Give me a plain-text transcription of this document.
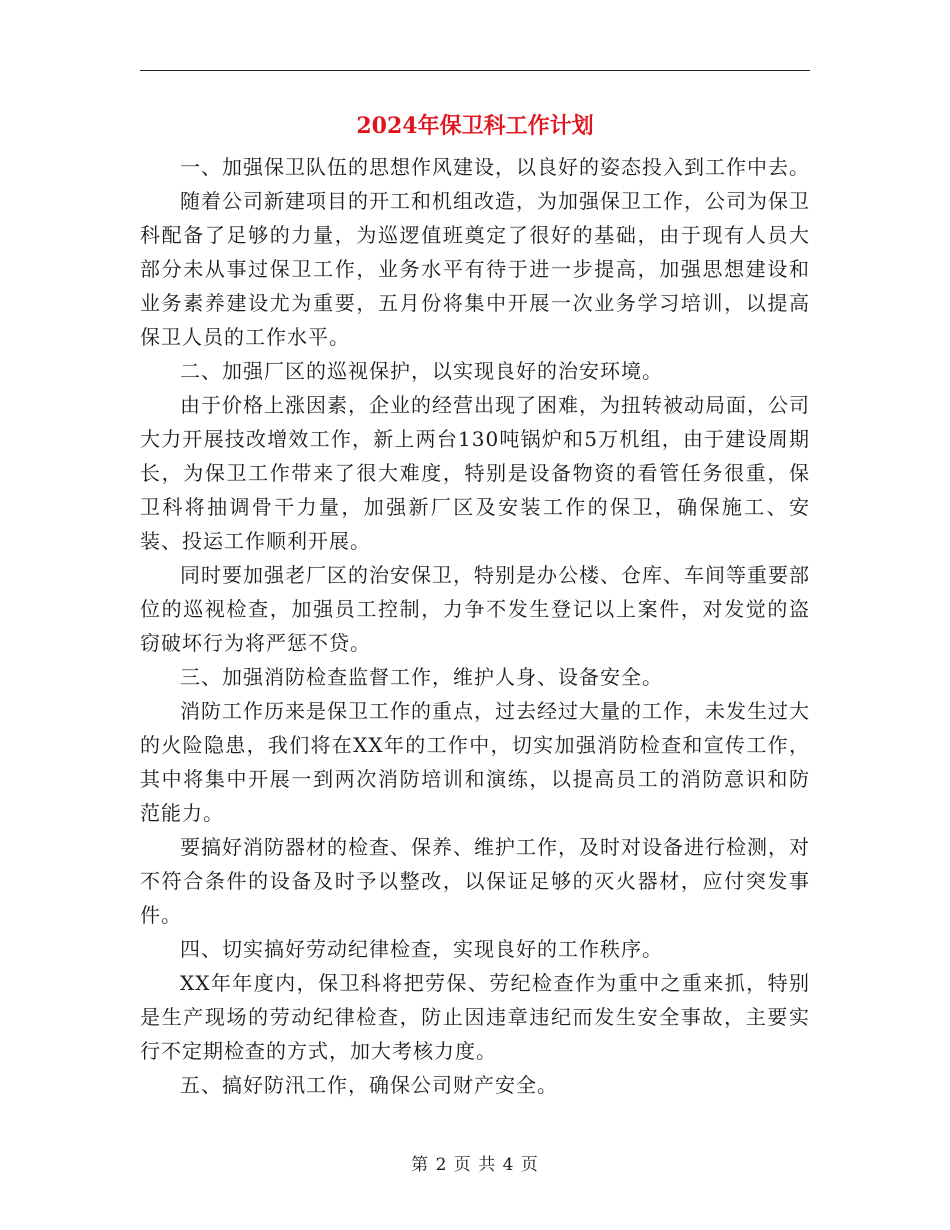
2024年保卫科工作计划

一、加强保卫队伍的思想作风建设，以良好的姿态投入到工作中去。

随着公司新建项目的开工和机组改造，为加强保卫工作，公司为保卫科配备了足够的力量，为巡逻值班奠定了很好的基础，由于现有人员大部分未从事过保卫工作，业务水平有待于进一步提高，加强思想建设和业务素养建设尤为重要，五月份将集中开展一次业务学习培训，以提高保卫人员的工作水平。

二、加强厂区的巡视保护，以实现良好的治安环境。

由于价格上涨因素，企业的经营出现了困难，为扭转被动局面，公司大力开展技改增效工作，新上两台130吨锅炉和5万机组，由于建设周期长，为保卫工作带来了很大难度，特别是设备物资的看管任务很重，保卫科将抽调骨干力量，加强新厂区及安装工作的保卫，确保施工、安装、投运工作顺利开展。

同时要加强老厂区的治安保卫，特别是办公楼、仓库、车间等重要部位的巡视检查，加强员工控制，力争不发生登记以上案件，对发觉的盗窃破坏行为将严惩不贷。

三、加强消防检查监督工作，维护人身、设备安全。

消防工作历来是保卫工作的重点，过去经过大量的工作，未发生过大的火险隐患，我们将在XX年的工作中，切实加强消防检查和宣传工作，其中将集中开展一到两次消防培训和演练，以提高员工的消防意识和防范能力。

要搞好消防器材的检查、保养、维护工作，及时对设备进行检测，对不符合条件的设备及时予以整改，以保证足够的灭火器材，应付突发事件。

四、切实搞好劳动纪律检查，实现良好的工作秩序。

XX年年度内，保卫科将把劳保、劳纪检查作为重中之重来抓，特别是生产现场的劳动纪律检查，防止因违章违纪而发生安全事故，主要实行不定期检查的方式，加大考核力度。

五、搞好防汛工作，确保公司财产安全。

第 2 页 共 4 页
